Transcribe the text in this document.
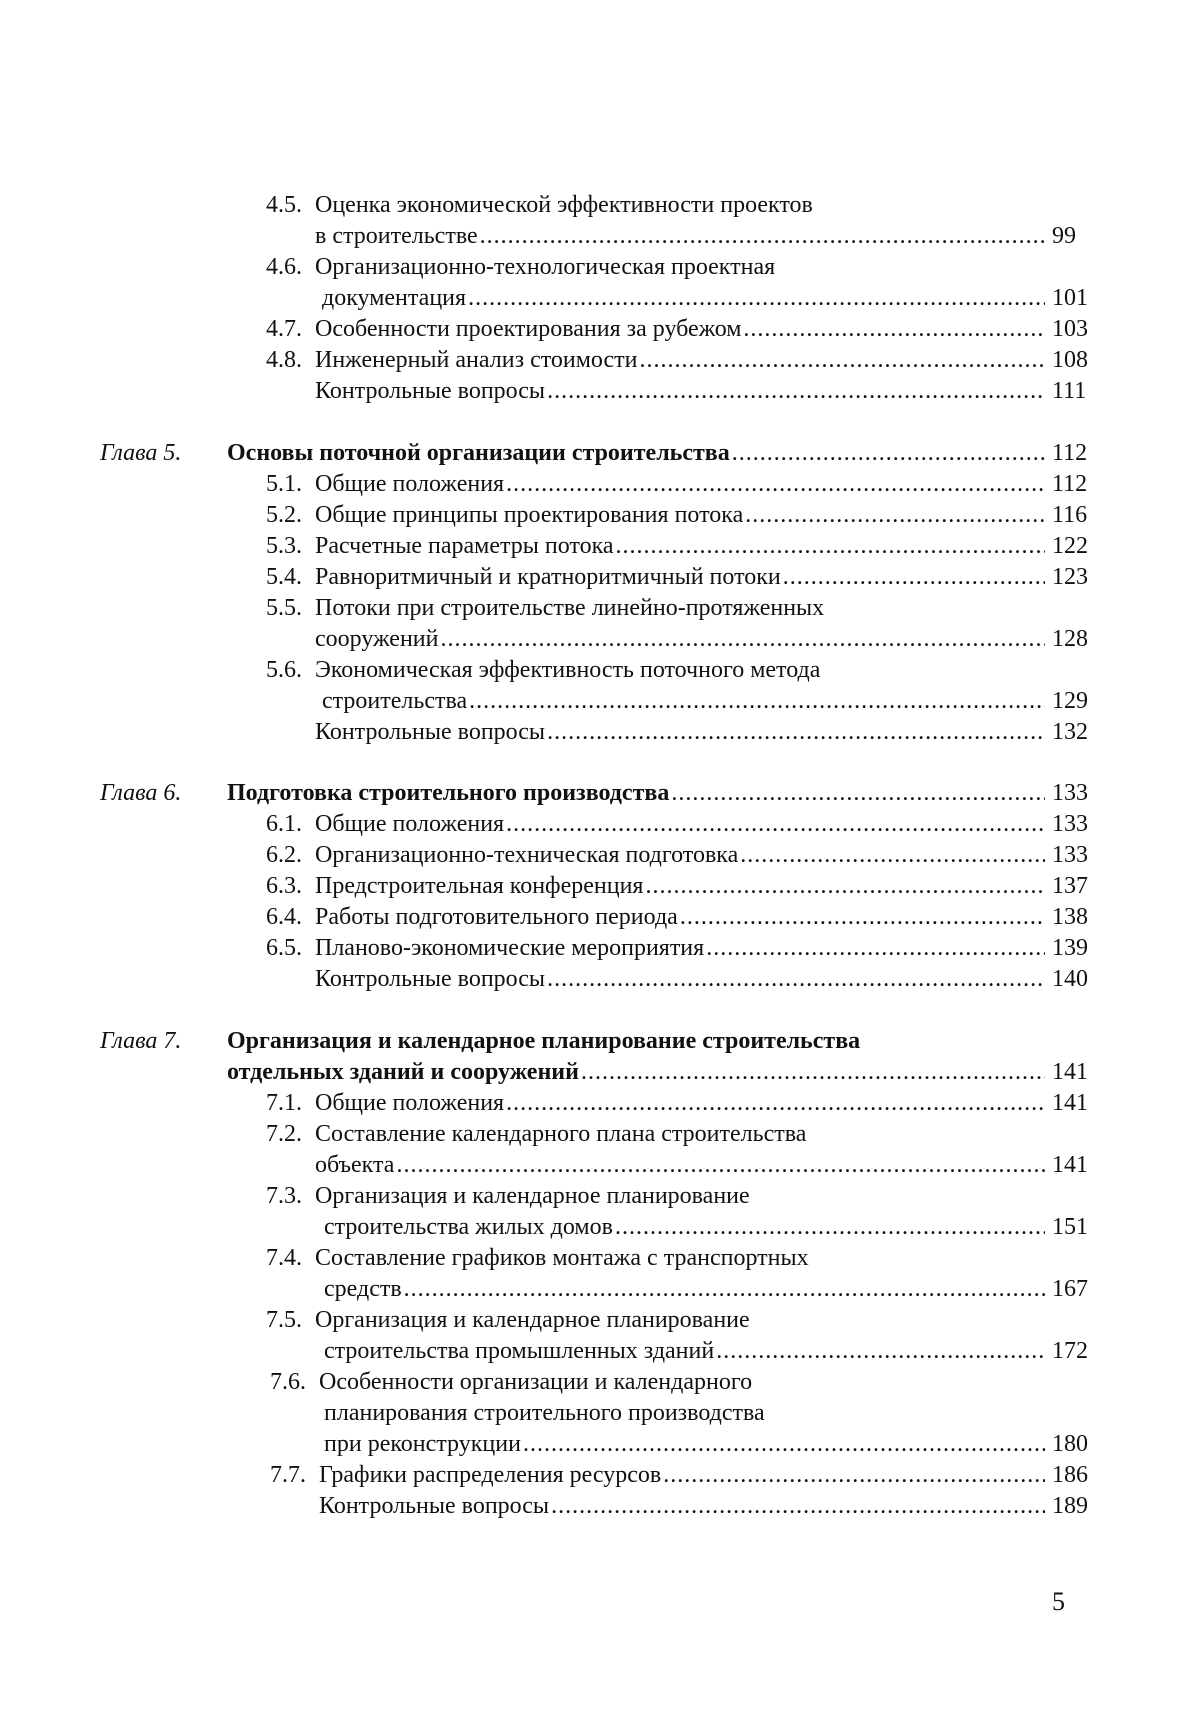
4.5. Оценка экономической эффективности проектов
в строительстве .....	99
4.6. Организационно-технологическая проектная
документация .....	101
4.7. Особенности проектирования за рубежом .....	103
4.8. Инженерный анализ стоимости .....	108
Контрольные вопросы .....	111
Глава 5. Основы поточной организации строительства .....	112
5.1. Общие положения .....	112
5.2. Общие принципы проектирования потока .....	116
5.3. Расчетные параметры потока .....	122
5.4. Равноритмичный и кратноритмичный потоки .....	123
5.5. Потоки при строительстве линейно-протяженных
сооружений .....	128
5.6. Экономическая эффективность поточного метода
строительства .....	129
Контрольные вопросы .....	132
Глава 6. Подготовка строительного производства .....	133
6.1. Общие положения .....	133
6.2. Организационно-техническая подготовка .....	133
6.3. Предстроительная конференция .....	137
6.4. Работы подготовительного периода .....	138
6.5. Планово-экономические мероприятия .....	139
Контрольные вопросы .....	140
Глава 7. Организация и календарное планирование строительства
отдельных зданий и сооружений .....	141
7.1. Общие положения .....	141
7.2. Составление календарного плана строительства
объекта .....	141
7.3. Организация и календарное планирование
строительства жилых домов .....	151
7.4. Составление графиков монтажа с транспортных
средств .....	167
7.5. Организация и календарное планирование
строительства промышленных зданий .....	172
7.6. Особенности организации и календарного
планирования строительного производства
при реконструкции .....	180
7.7. Графики распределения ресурсов .....	186
Контрольные вопросы .....	189
5
